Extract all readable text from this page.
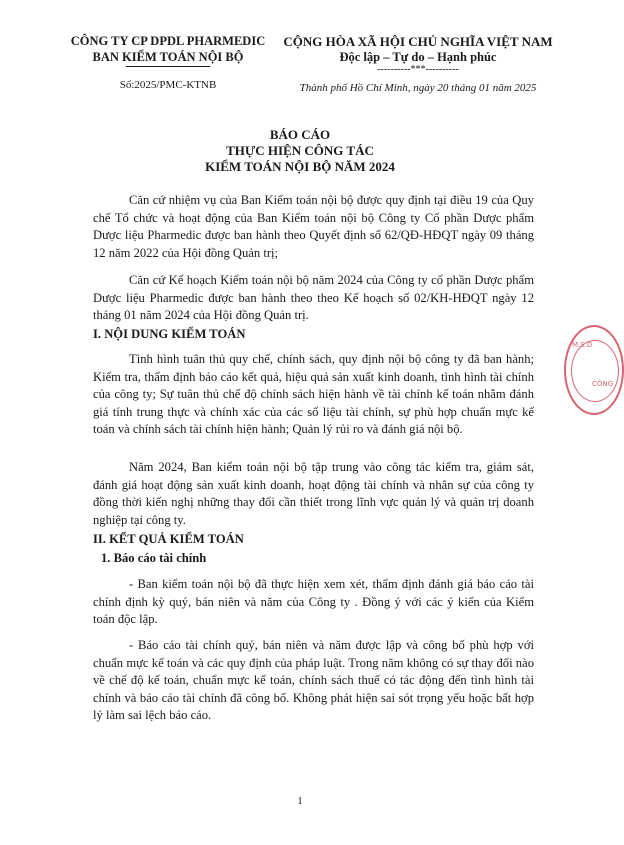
CÔNG TY CP DPDL PHARMEDIC
BAN KIỂM TOÁN NỘI BỘ
Số:2025/PMC-KTNB
CỘNG HÒA XÃ HỘI CHỦ NGHĨA VIỆT NAM
Độc lập – Tự do – Hạnh phúc
----------***----------
Thành phố Hồ Chí Minh, ngày 20 tháng 01 năm 2025
BÁO CÁO
THỰC HIỆN CÔNG TÁC
KIỂM TOÁN NỘI BỘ NĂM 2024

Căn cứ nhiệm vụ của Ban Kiểm toán nội bộ được quy định tại điều 19 của Quy chế Tổ chức và hoạt động của Ban Kiểm toán nội bộ Công ty Cổ phần Dược phẩm Dược liệu Pharmedic được ban hành theo Quyết định số 62/QĐ-HĐQT ngày 09 tháng 12 năm 2022 của Hội đồng Quản trị;

Căn cứ Kế hoạch Kiểm toán nội bộ năm 2024 của Công ty cổ phần Dược phẩm Dược liệu Pharmedic được ban hành theo theo Kế hoạch số 02/KH-HĐQT ngày 12 tháng 01 năm 2024 của Hội đồng Quản trị.

I. NỘI DUNG KIỂM TOÁN

Tình hình tuân thủ quy chế, chính sách, quy định nội bộ công ty đã ban hành; Kiểm tra, thẩm định báo cáo kết quả, hiệu quả sản xuất kinh doanh, tình hình tài chính của công ty; Sự tuân thủ chế độ chính sách hiện hành về tài chính kế toán nhằm đánh giá tính trung thực và chính xác của các số liệu tài chính, sự phù hợp chuẩn mực kế toán và chính sách tài chính hiện hành; Quản lý rủi ro và đánh giá nội bộ.

Năm 2024, Ban kiểm toán nội bộ tập trung vào công tác kiểm tra, giám sát, đánh giá hoạt động sản xuất kinh doanh, hoạt động tài chính và nhân sự của công ty đồng thời kiến nghị những thay đổi cần thiết trong lĩnh vực quản lý và quản trị doanh nghiệp tại công ty.

II. KẾT QUẢ KIỂM TOÁN
1. Báo cáo tài chính

- Ban kiểm toán nội bộ đã thực hiện xem xét, thẩm định đánh giá báo cáo tài chính định kỳ quý, bán niên và năm của Công ty . Đồng ý với các ý kiến của Kiểm toán độc lập.

- Báo cáo tài chính quý, bán niên và năm được lập và công bố phù hợp với chuẩn mực kế toán và các quy định của pháp luật. Trong năm không có sự thay đổi nào về chế độ kế toán, chuẩn mực kế toán, chính sách thuế có tác động đến tình hình tài chính và báo cáo tài chính đã công bố. Không phát hiện sai sót trọng yếu hoặc bất hợp lý làm sai lệch báo cáo.

1
M.S.D
CÔNG
